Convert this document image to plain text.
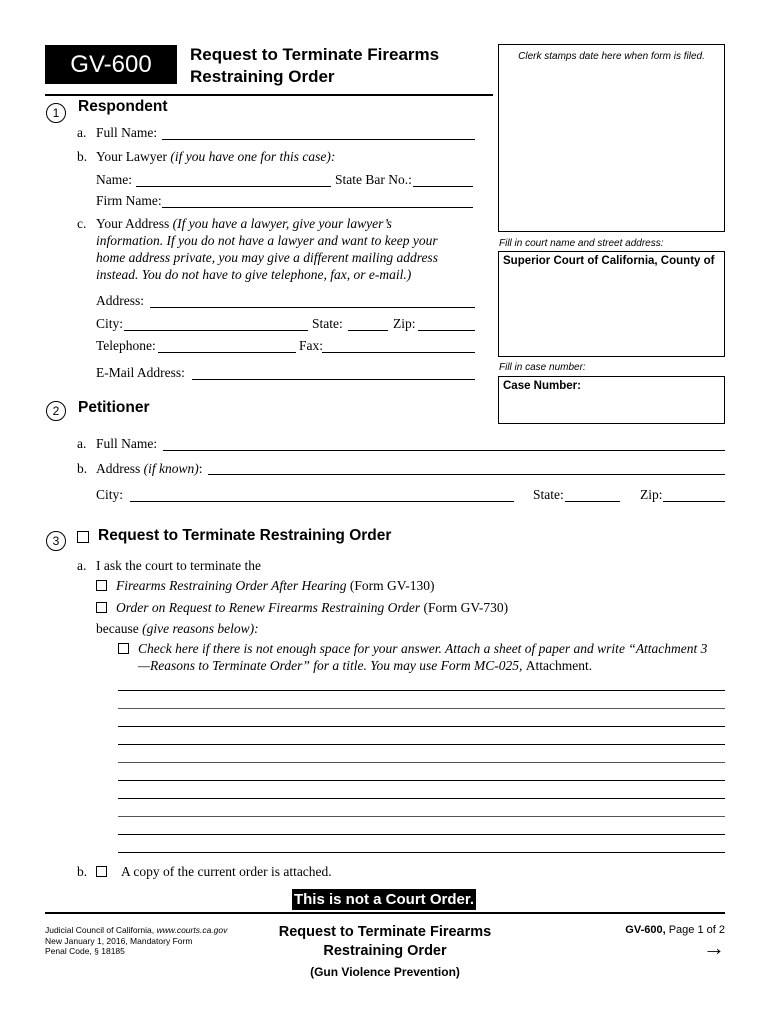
GV-600	Request to Terminate Firearms
Restraining Order
Clerk stamps date here when form is filed.
Fill in court name and street address:
Superior Court of California, County of
Fill in case number:
Case Number:
1	Respondent
a. Full Name:
b. Your Lawyer (if you have one for this case):
Name:	State Bar No.:
Firm Name:
c. Your Address (If you have a lawyer, give your lawyer’s
information. If you do not have a lawyer and want to keep your
home address private, you may give a different mailing address
instead. You do not have to give telephone, fax, or e-mail.)
Address:
City:	State:	Zip:
Telephone:	Fax:
E-Mail Address:
2	Petitioner
a. Full Name:
b. Address (if known):
City:	State:	Zip:
3	Request to Terminate Restraining Order
a. I ask the court to terminate the
Firearms Restraining Order After Hearing (Form GV-130)
Order on Request to Renew Firearms Restraining Order (Form GV-730)
because (give reasons below):
Check here if there is not enough space for your answer. Attach a sheet of paper and write “Attachment 3
—Reasons to Terminate Order” for a title. You may use Form MC-025, Attachment.
b.	A copy of the current order is attached.
This is not a Court Order.
Judicial Council of California, www.courts.ca.gov
New January 1, 2016, Mandatory Form
Penal Code, § 18185
Request to Terminate Firearms
Restraining Order
(Gun Violence Prevention)
GV-600, Page 1 of 2
→
